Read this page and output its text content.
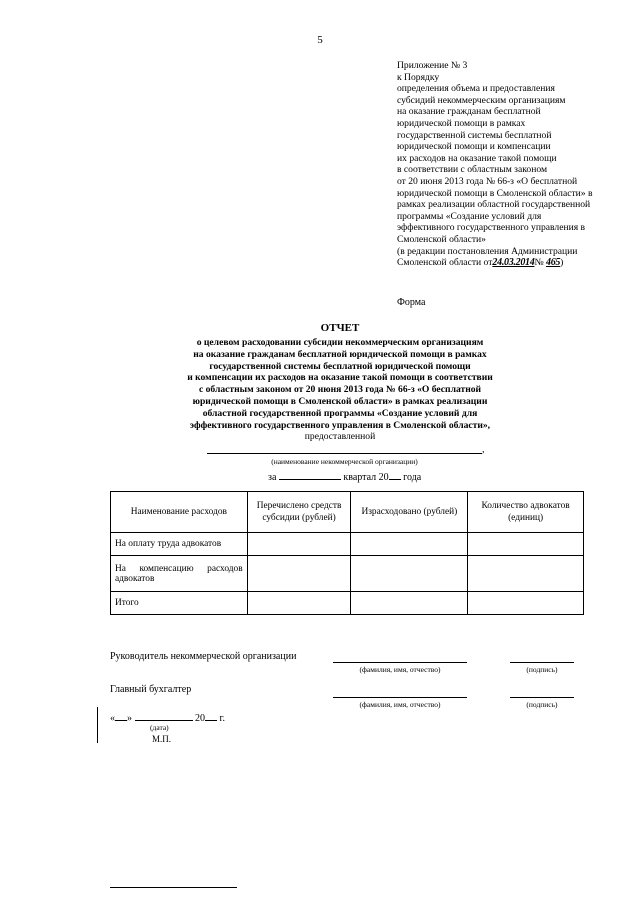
5
Приложение № 3
к Порядку
определения объема и предоставления
субсидий некоммерческим организациям
на оказание гражданам бесплатной
юридической помощи в рамках
государственной системы бесплатной
юридической помощи и компенсации
их расходов на оказание такой помощи
в соответствии с областным законом
от 20 июня 2013 года № 66-з «О бесплатной
юридической помощи в Смоленской области» в
рамках реализации областной государственной
программы «Создание условий для
эффективного государственного управления в
Смоленской области»
(в редакции постановления Администрации
Смоленской области от24.03.2014№ 465)
Форма
ОТЧЕТ
о целевом расходовании субсидии некоммерческим организациям
на оказание гражданам бесплатной юридической помощи в рамках
государственной системы бесплатной юридической помощи
и компенсации их расходов на оказание такой помощи в соответствии
с областным законом от 20 июня 2013 года № 66-з «О бесплатной
юридической помощи в Смоленской области» в рамках реализации
областной государственной программы «Создание условий для
эффективного государственного управления в Смоленской области»,
предоставленной
,
(наименование некоммерческой организации)
за	квартал 20 года
Наименование расходов	Перечислено средств субсидии (рублей)	Израсходовано (рублей)	Количество адвокатов (единиц)
На оплату труда адвокатов			
На компенсацию расходов адвокатов			
Итого			
Руководитель некоммерческой организации
(фамилия, имя, отчество)	(подпись)
Главный бухгалтер
(фамилия, имя, отчество)	(подпись)
« »	20 г.
(дата)
М.П.
